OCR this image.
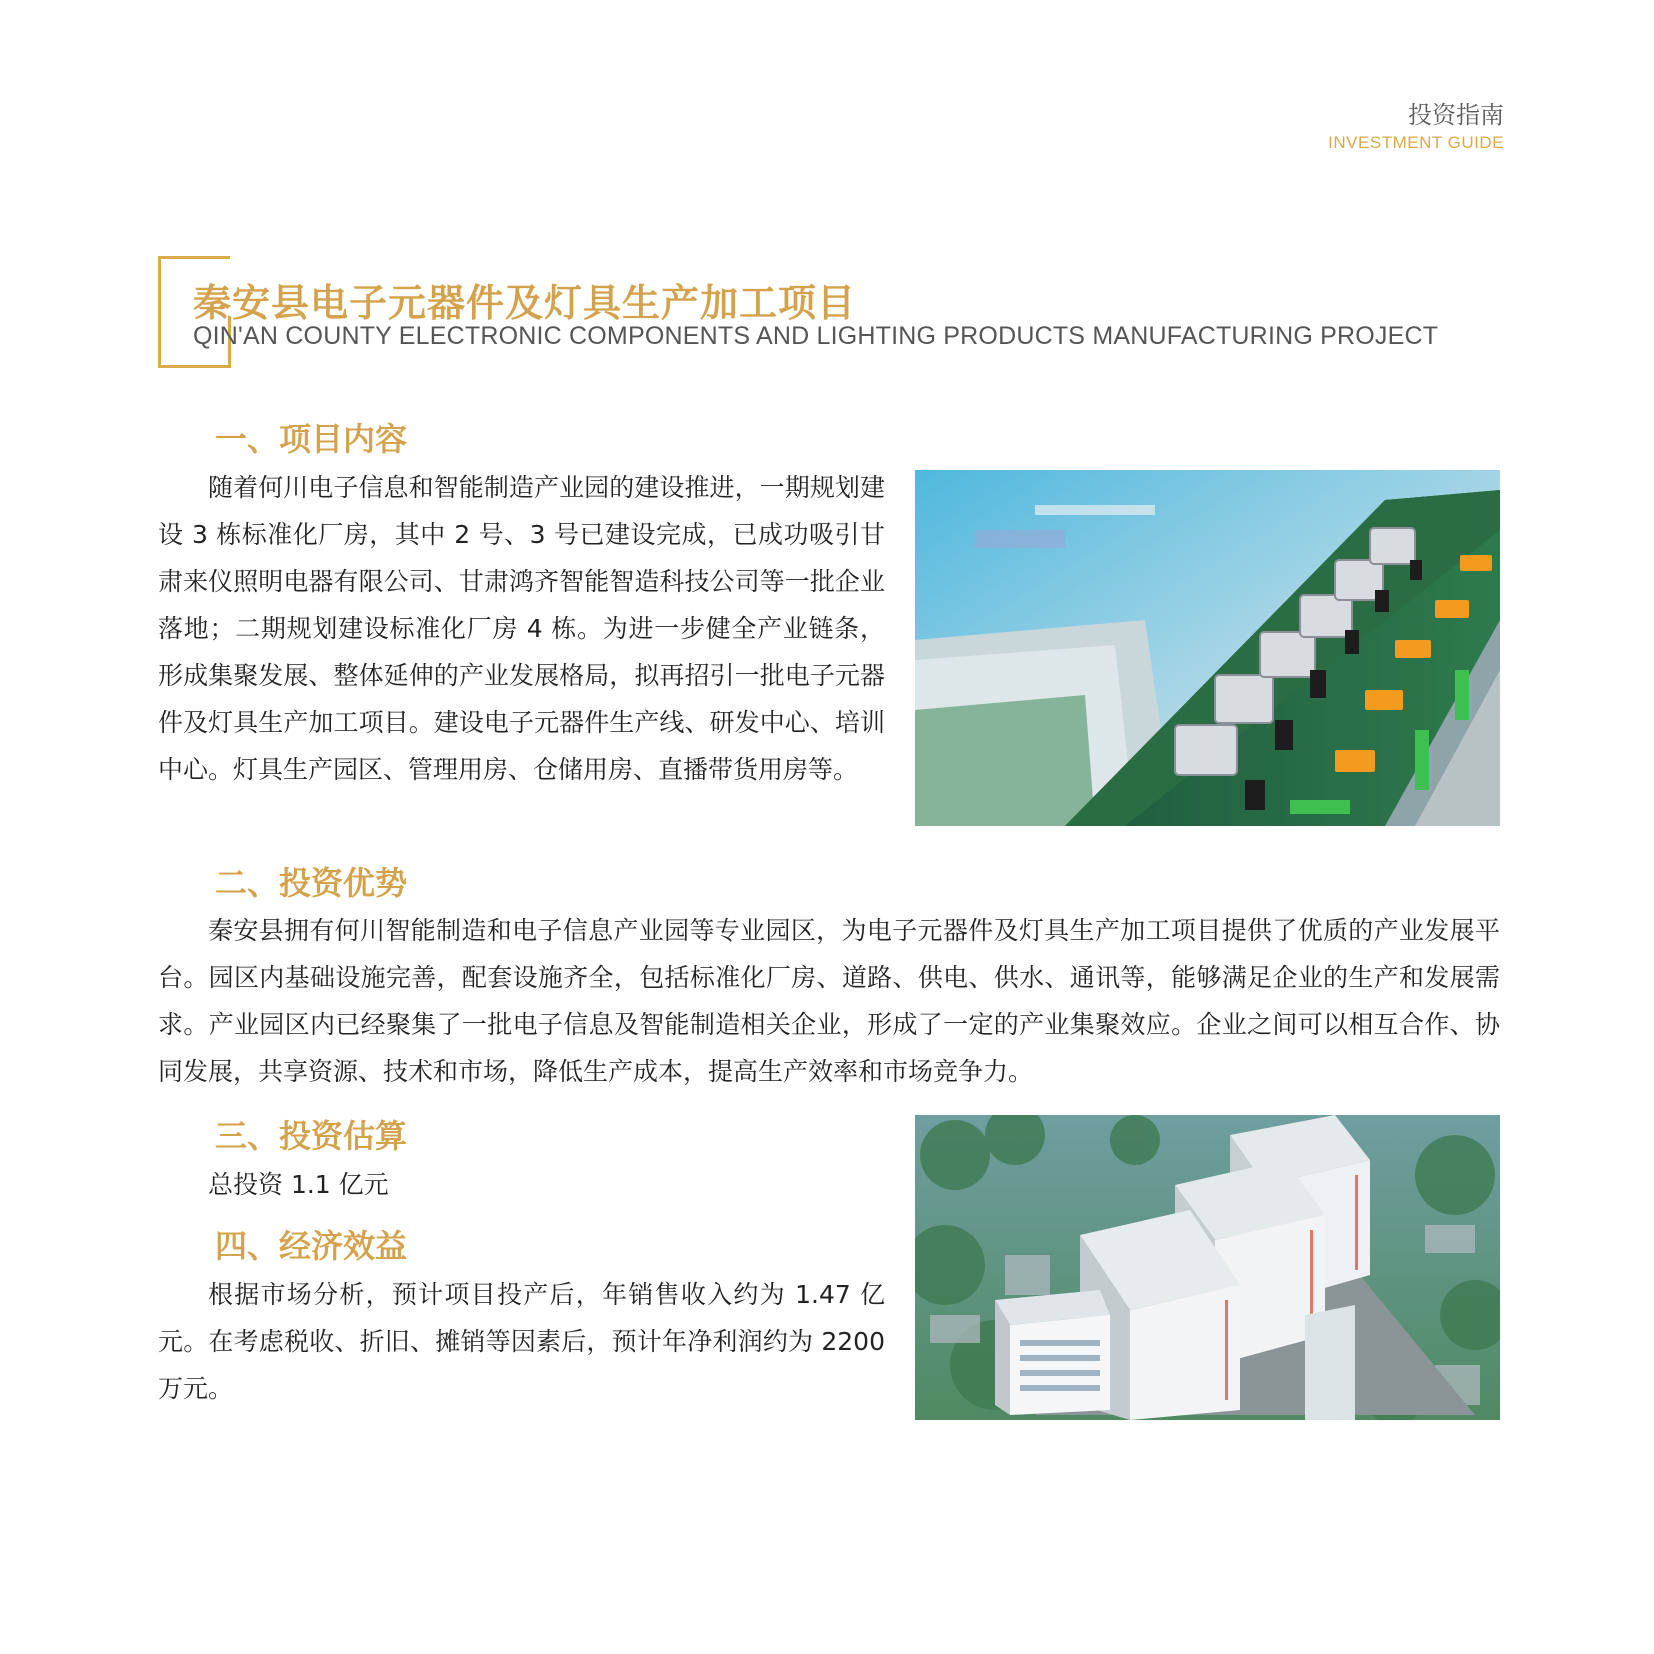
投资指南
INVESTMENT GUIDE
秦安县电子元器件及灯具生产加工项目
QIN'AN COUNTY ELECTRONIC COMPONENTS AND LIGHTING PRODUCTS MANUFACTURING PROJECT
一、项目内容

随着何川电子信息和智能制造产业园的建设推进，一期规划建设 3 栋标准化厂房，其中 2 号、3 号已建设完成，已成功吸引甘肃来仪照明电器有限公司、甘肃鸿齐智能智造科技公司等一批企业落地；二期规划建设标准化厂房 4 栋。为进一步健全产业链条，形成集聚发展、整体延伸的产业发展格局，拟再招引一批电子元器件及灯具生产加工项目。建设电子元器件生产线、研发中心、培训中心。灯具生产园区、管理用房、仓储用房、直播带货用房等。

二、投资优势

秦安县拥有何川智能制造和电子信息产业园等专业园区，为电子元器件及灯具生产加工项目提供了优质的产业发展平台。园区内基础设施完善，配套设施齐全，包括标准化厂房、道路、供电、供水、通讯等，能够满足企业的生产和发展需求。产业园区内已经聚集了一批电子信息及智能制造相关企业，形成了一定的产业集聚效应。企业之间可以相互合作、协同发展，共享资源、技术和市场，降低生产成本，提高生产效率和市场竞争力。

三、投资估算

总投资 1.1 亿元

四、经济效益

根据市场分析，预计项目投产后，年销售收入约为 1.47 亿元。在考虑税收、折旧、摊销等因素后，预计年净利润约为 2200 万元。
